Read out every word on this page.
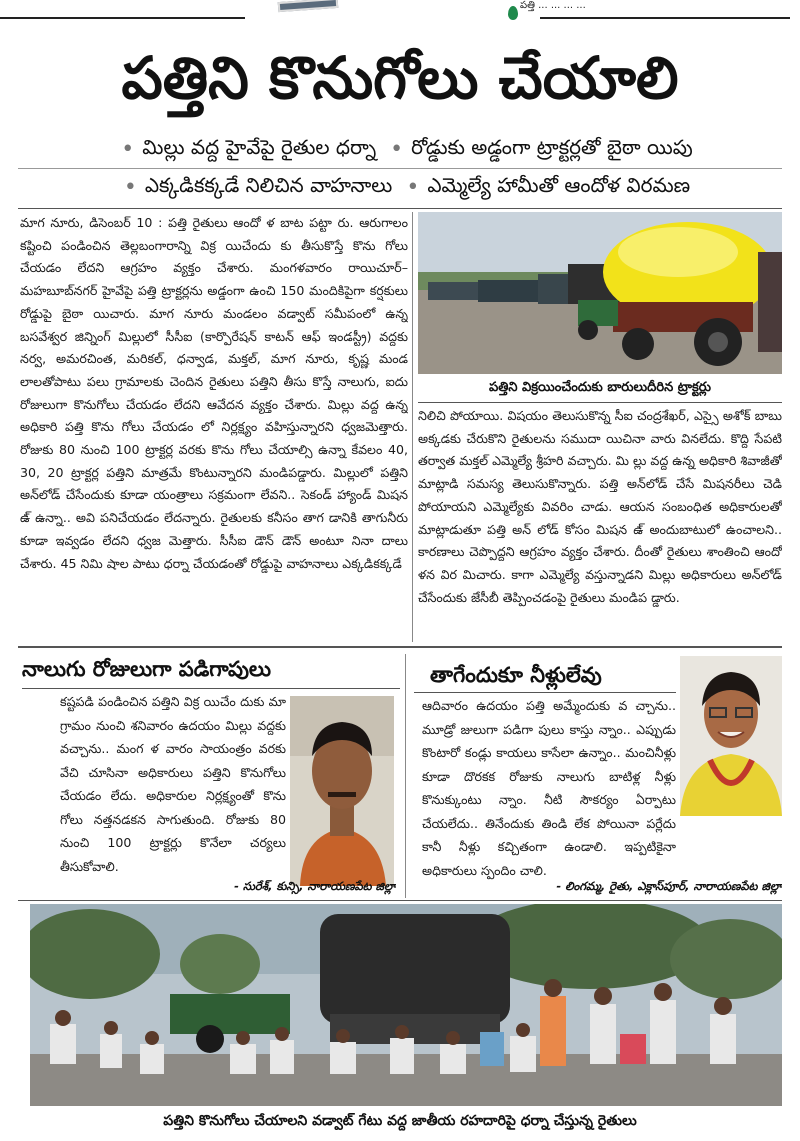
పత్తి ... ... ... ...
పత్తిని కొనుగోలు చేయాలి
• మిల్లు వద్ద హైవేపై రైతుల ధర్నా • రోడ్డుకు అడ్డంగా ట్రాక్టర్లతో బైఠా యిపు
• ఎక్కడికక్కడే నిలిచిన వాహనాలు • ఎమ్మెల్యే హామీతో ఆందోళ విరమణ
మాగ నూరు, డిసెంబర్ 10 : పత్తి రైతులు ఆందో ళ బాట పట్టా రు. ఆరుగాలం కష్టించి పండించిన తెల్లబంగారాన్ని విక్ర యిచేందు కు తీసుకొస్తే కొను గోలు చేయడం లేదని ఆగ్రహం వ్యక్తం చేశారు. మంగళవారం రాయిచూర్–మహబూబ్‌నగర్ హైవేపై పత్తి ట్రాక్టర్లను అడ్డంగా ఉంచి 150 మందికిపైగా కర్షకులు రోడ్డుపై బైఠా యిచారు. మాగ నూరు మండలం వడ్వాట్ సమీపంలో ఉన్న బసవేశ్వర జిన్నింగ్ మిల్లులో సీసీఐ (కార్పొరేషన్ కాటన్ ఆఫ్ ఇండస్ట్రీ) వద్దకు నర్వ, అమరచింత, మరికల్, ధన్వాడ, మక్తల్, మాగ నూరు, కృష్ణ మండ లాలతోపాటు పలు గ్రామాలకు చెందిన రైతులు పత్తిని తీసు కొస్తే నాలుగు, ఐదు రోజులుగా కొనుగోలు చేయడం లేదని ఆవేదన వ్యక్తం చేశారు. మిల్లు వద్ద ఉన్న అధికారి పత్తి కొను గోలు చేయడం లో నిర్లక్ష్యం వహిస్తున్నారని ధ్వజమెత్తారు. రోజుకు 80 నుంచి 100 ట్రాక్టర్ల వరకు కొను గోలు చేయాల్సి ఉన్నా కేవలం 40, 30, 20 ట్రాక్టర్ల పత్తిని మాత్రమే కొంటున్నారని మండిపడ్డారు. మిల్లులో పత్తిని అన్‌లోడ్ చేసేందుకు కూడా యంత్రాలు సక్రమంగా లేవని.. సెకండ్ హ్యాండ్ మిషన ఉ్ ఉన్నా.. అవి పనిచేయడం లేదన్నారు. రైతులకు కనీసం తాగ డానికి తాగునీరు కూడా ఇవ్వడం లేదని ధ్వజ మెత్తారు. సీసీఐ డౌన్ డౌన్ అంటూ నినా దాలు చేశారు. 45 నిమి షాల పాటు ధర్నా చేయడంతో రోడ్డుపై వాహనాలు ఎక్కడికక్కడే
పత్తిని విక్రయించేందుకు బారులుదీరిన ట్రాక్టర్లు
నిలిచి పోయాయి. విషయం తెలుసుకొన్న సీఐ చంద్రశేఖర్, ఎస్సై అశోక్ బాబు అక్కడకు చేరుకొని రైతులను సముదా యిచినా వారు వినలేదు. కొద్ది సేపటి తర్వాత మక్తల్ ఎమ్మెల్యే శ్రీహరి వచ్చారు. మి ల్లు వద్ద ఉన్న అధికారి శివాజీతో మాట్లాడి సమస్య తెలుసుకొన్నారు. పత్తి అన్‌లోడ్ చేసే మిషనరీలు చెడి పోయాయని ఎమ్మెల్యేకు వివరిం చాడు. ఆయన సంబంధిత అధికారులతో మాట్లాడుతూ పత్తి అన్ లోడ్ కోసం మిషన ఉ్ అందుబాటులో ఉంచాలని.. కారణాలు చెప్పొద్దని ఆగ్రహం వ్యక్తం చేశారు. దీంతో రైతులు శాంతించి ఆందో ళన విర మిచారు. కాగా ఎమ్మెల్యే వస్తున్నాడని మిల్లు అధికారులు అన్‌లోడ్ చేసేందుకు జేసీబీ తెప్పించడంపై రైతులు మండిప డ్డారు.
నాలుగు రోజులుగా పడిగాపులు
కష్టపడి పండించిన పత్తిని విక్ర యిచేం దుకు మా గ్రామం నుంచి శనివారం ఉదయం మిల్లు వద్దకు వచ్చాను.. మంగ ళ వారం సాయంత్రం వరకు వేచి చూసినా అధికారులు పత్తిని కొనుగోలు చేయడం లేదు. అధికారుల నిర్లక్ష్యంతో కొను గోలు నత్తనడకన సాగుతుంది. రోజుకు 80 నుంచి 100 ట్రాక్టర్లు కొనేలా చర్యలు తీసుకోవాలి.
- సురేశ్, కున్సి, నారాయణపేట జిల్లా
తాగేందుకూ నీళ్లులేవు
ఆదివారం ఉదయం పత్తి అమ్మేందుకు వ చ్చాను.. మూడ్రో జులుగా పడిగా పులు కాస్తు న్నాం.. ఎప్పుడు కొంటారో కండ్లు కాయలు కాసేలా ఉన్నాం.. మంచినీళ్లు కూడా దొరకక రోజుకు నాలుగు బాటిళ్ల నీళ్లు కొనుక్కుంటు న్నాం. నీటి సౌకర్యం ఏర్పాటు చేయలేదు.. తినేందుకు తిండి లేక పోయినా పర్లేదు కానీ నీళ్లు కచ్చితంగా ఉండాలి. ఇప్పటికైనా అధికారులు స్పందిం చాలి.
- లింగమ్మ, రైతు, ఎక్లాస్‌పూర్, నారాయణపేట జిల్లా
పత్తిని కొనుగోలు చేయాలని వడ్వాట్ గేటు వద్ద జాతీయ రహదారిపై ధర్నా చేస్తున్న రైతులు
